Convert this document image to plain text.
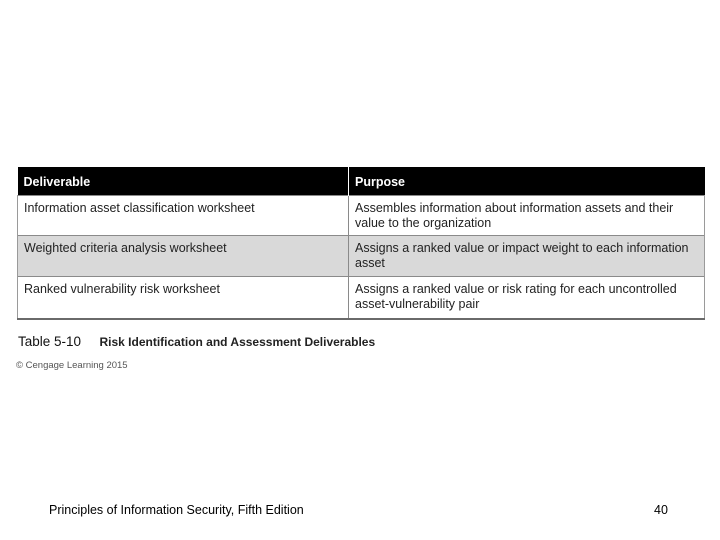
Deliverable	Purpose
Information asset classification worksheet	Assembles information about information assets and their value to the organization
Weighted criteria analysis worksheet	Assigns a ranked value or impact weight to each information asset
Ranked vulnerability risk worksheet	Assigns a ranked value or risk rating for each uncontrolled asset-vulnerability pair
Table 5-10 Risk Identification and Assessment Deliverables
© Cengage Learning 2015
Principles of Information Security, Fifth Edition	40
